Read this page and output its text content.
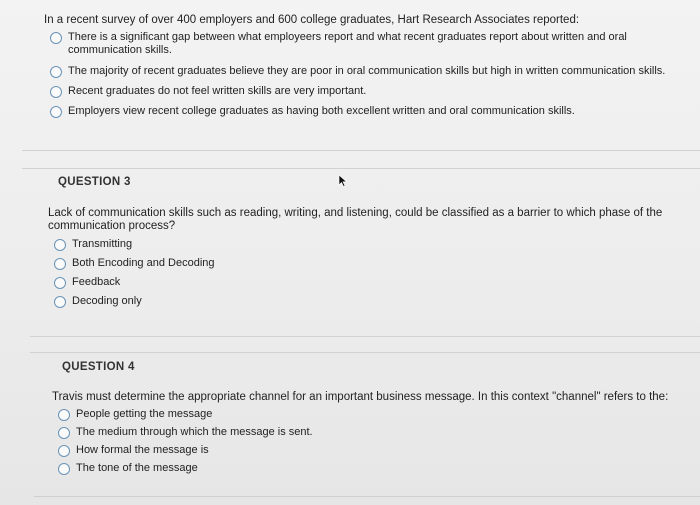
In a recent survey of over 400 employers and 600 college graduates, Hart Research Associates reported:

There is a significant gap between what employeers report and what recent graduates report about written and oral communication skills.
The majority of recent graduates believe they are poor in oral communication skills but high in written communication skills.
Recent graduates do not feel written skills are very important.
Employers view recent college graduates as having both excellent written and oral communication skills.
QUESTION 3

Lack of communication skills such as reading, writing, and listening, could be classified as a barrier to which phase of the communication process?

Transmitting
Both Encoding and Decoding
Feedback
Decoding only
QUESTION 4

Travis must determine the appropriate channel for an important business message. In this context "channel" refers to the:

People getting the message
The medium through which the message is sent.
How formal the message is
The tone of the message
